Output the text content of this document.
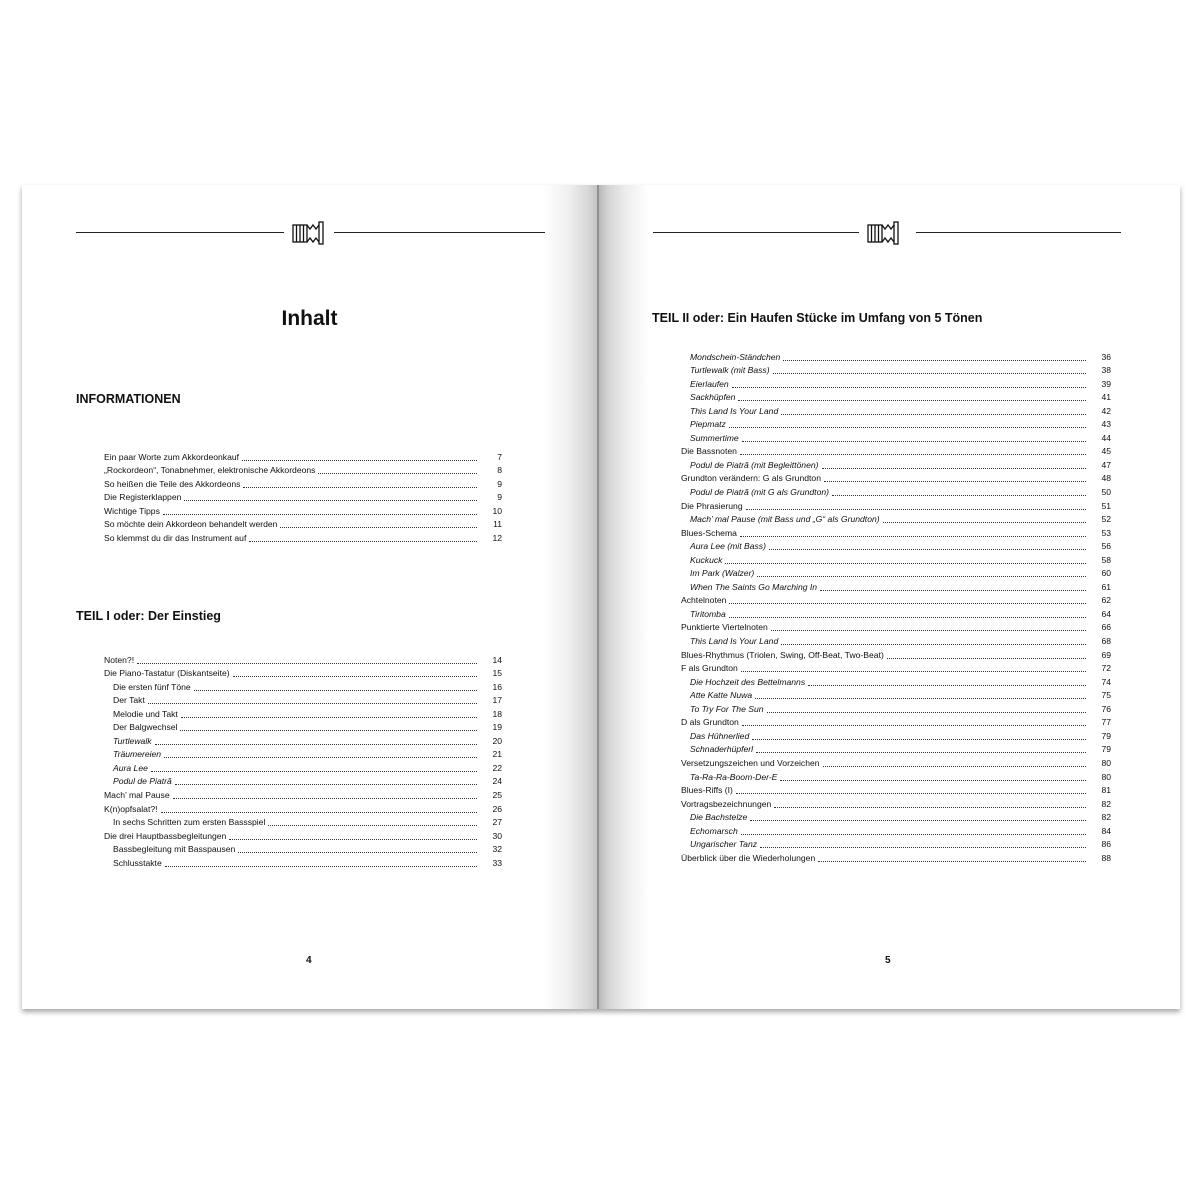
Inhalt
INFORMATIONEN
Ein paar Worte zum Akkordeonkauf	7
„Rockordeon“, Tonabnehmer, elektronische Akkordeons	8
So heißen die Teile des Akkordeons	9
Die Registerklappen	9
Wichtige Tipps	10
So möchte dein Akkordeon behandelt werden	11
So klemmst du dir das Instrument auf	12
TEIL I oder: Der Einstieg
Noten?!	14
Die Piano-Tastatur (Diskantseite)	15
Die ersten fünf Töne	16
Der Takt	17
Melodie und Takt	18
Der Balgwechsel	19
Turtlewalk	20
Träumereien	21
Aura Lee	22
Podul de Piatră	24
Mach’ mal Pause	25
K(n)opfsalat?!	26
In sechs Schritten zum ersten Bassspiel	27
Die drei Hauptbassbegleitungen	30
Bassbegleitung mit Basspausen	32
Schlusstakte	33
4
TEIL II oder: Ein Haufen Stücke im Umfang von 5 Tönen
Mondschein-Ständchen	36
Turtlewalk (mit Bass)	38
Eierlaufen	39
Sackhüpfen	41
This Land Is Your Land	42
Piepmatz	43
Summertime	44
Die Bassnoten	45
Podul de Piatră (mit Begleittönen)	47
Grundton verändern: G als Grundton	48
Podul de Piatră (mit G als Grundton)	50
Die Phrasierung	51
Mach’ mal Pause (mit Bass und „G“ als Grundton)	52
Blues-Schema	53
Aura Lee (mit Bass)	56
Kuckuck	58
Im Park (Walzer)	60
When The Saints Go Marching In	61
Achtelnoten	62
Tiritomba	64
Punktierte Viertelnoten	66
This Land Is Your Land	68
Blues-Rhythmus (Triolen, Swing, Off-Beat, Two-Beat)	69
F als Grundton	72
Die Hochzeit des Bettelmanns	74
Atte Katte Nuwa	75
To Try For The Sun	76
D als Grundton	77
Das Hühnerlied	79
Schnaderhüpferl	79
Versetzungszeichen und Vorzeichen	80
Ta-Ra-Ra-Boom-Der-E	80
Blues-Riffs (I)	81
Vortragsbezeichnungen	82
Die Bachstelze	82
Echomarsch	84
Ungarischer Tanz	86
Überblick über die Wiederholungen	88
5
